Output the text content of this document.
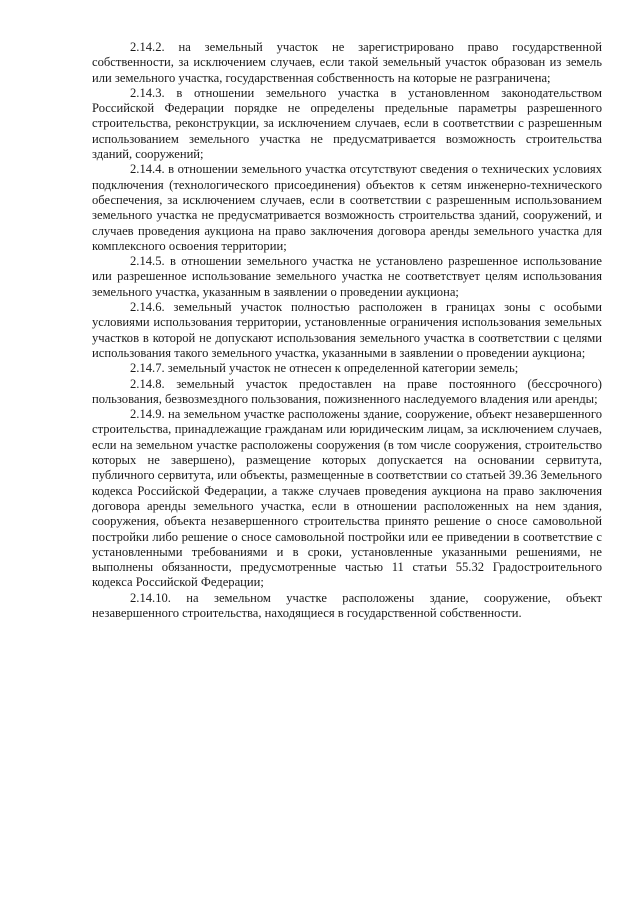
2.14.2. на земельный участок не зарегистрировано право государственной собственности, за исключением случаев, если такой земельный участок образован из земель или земельного участка, государственная собственность на которые не разграничена;

2.14.3. в отношении земельного участка в установленном законодательством Российской Федерации порядке не определены предельные параметры разрешенного строительства, реконструкции, за исключением случаев, если в соответствии с разрешенным использованием земельного участка не предусматривается возможность строительства зданий, сооружений;

2.14.4. в отношении земельного участка отсутствуют сведения о технических условиях подключения (технологического присоединения) объектов к сетям инженерно-технического обеспечения, за исключением случаев, если в соответствии с разрешенным использованием земельного участка не предусматривается возможность строительства зданий, сооружений, и случаев проведения аукциона на право заключения договора аренды земельного участка для комплексного освоения территории;

2.14.5. в отношении земельного участка не установлено разрешенное использование или разрешенное использование земельного участка не соответствует целям использования земельного участка, указанным в заявлении о проведении аукциона;

2.14.6. земельный участок полностью расположен в границах зоны с особыми условиями использования территории, установленные ограничения использования земельных участков в которой не допускают использования земельного участка в соответствии с целями использования такого земельного участка, указанными в заявлении о проведении аукциона;

2.14.7. земельный участок не отнесен к определенной категории земель;

2.14.8. земельный участок предоставлен на праве постоянного (бессрочного) пользования, безвозмездного пользования, пожизненного наследуемого владения или аренды;

2.14.9. на земельном участке расположены здание, сооружение, объект незавершенного строительства, принадлежащие гражданам или юридическим лицам, за исключением случаев, если на земельном участке расположены сооружения (в том числе сооружения, строительство которых не завершено), размещение которых допускается на основании сервитута, публичного сервитута, или объекты, размещенные в соответствии со статьей 39.36 Земельного кодекса Российской Федерации, а также случаев проведения аукциона на право заключения договора аренды земельного участка, если в отношении расположенных на нем здания, сооружения, объекта незавершенного строительства принято решение о сносе самовольной постройки либо решение о сносе самовольной постройки или ее приведении в соответствие с установленными требованиями и в сроки, установленные указанными решениями, не выполнены обязанности, предусмотренные частью 11 статьи 55.32 Градостроительного кодекса Российской Федерации;

2.14.10. на земельном участке расположены здание, сооружение, объект незавершенного строительства, находящиеся в государственной собственности.
